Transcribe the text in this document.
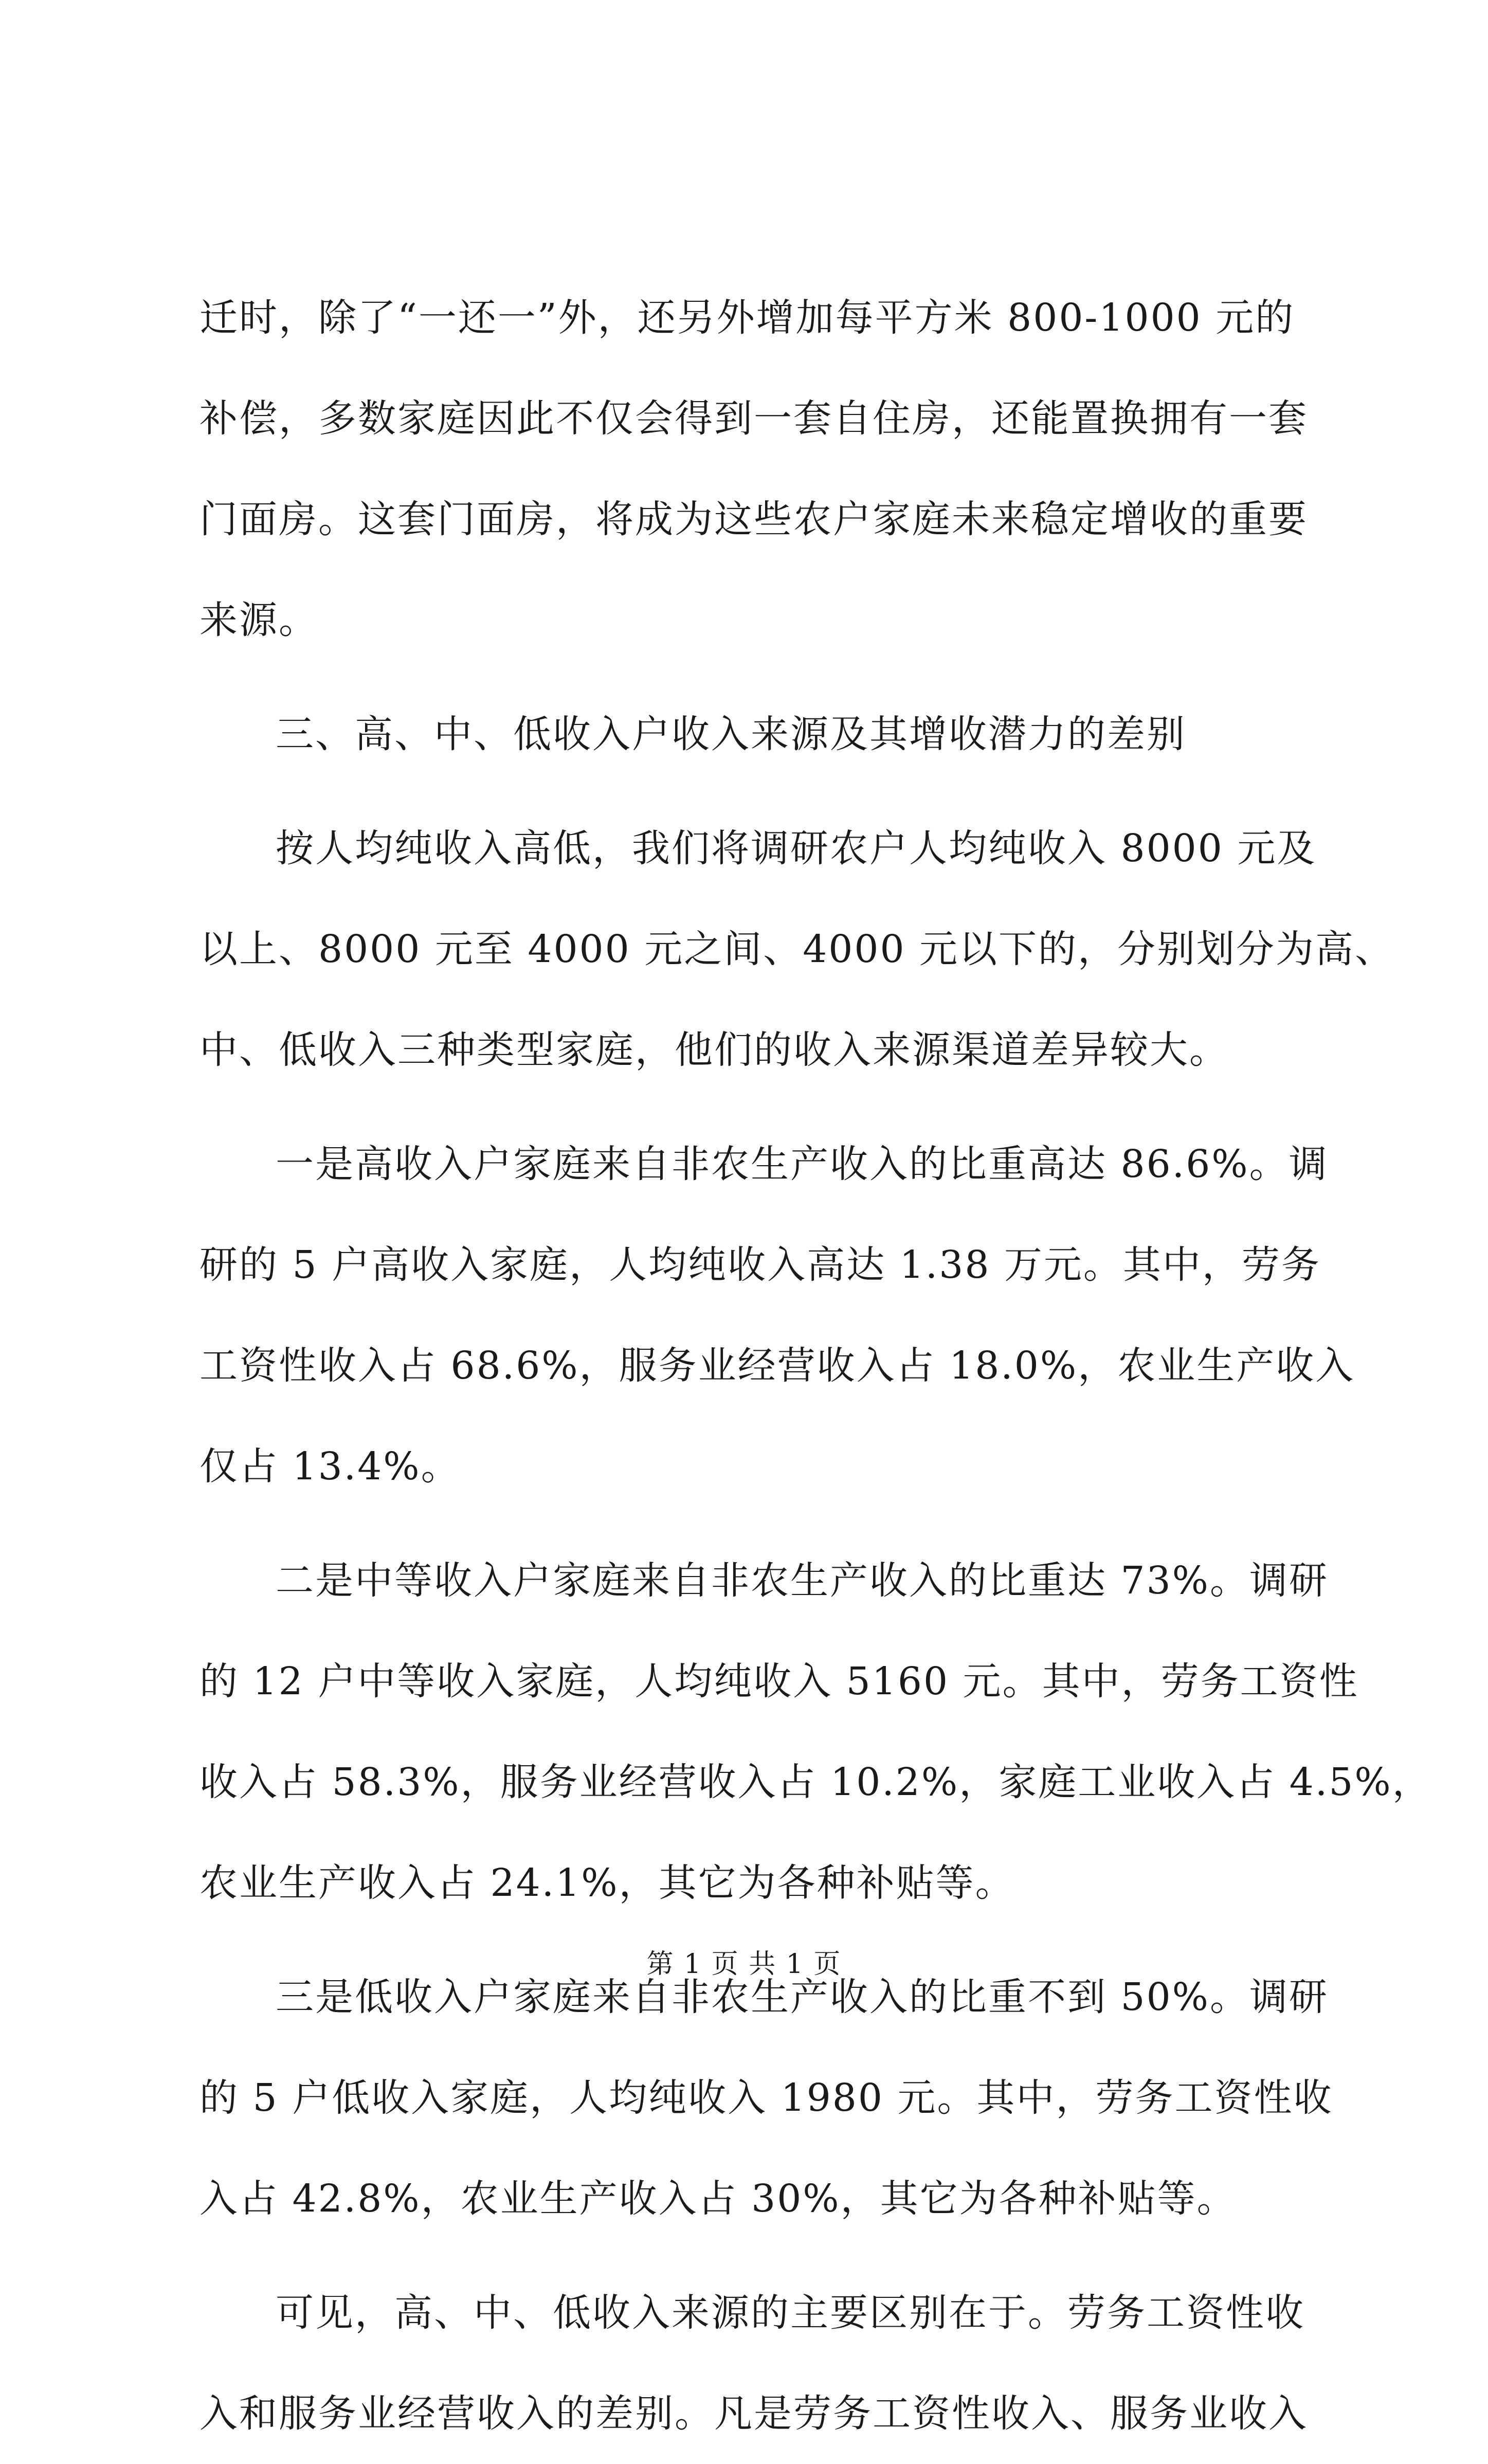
迁时，除了“一还一”外，还另外增加每平方米 800-1000 元的
补偿，多数家庭因此不仅会得到一套自住房，还能置换拥有一套
门面房。这套门面房，将成为这些农户家庭未来稳定增收的重要
来源。
三、高、中、低收入户收入来源及其增收潜力的差别
按人均纯收入高低，我们将调研农户人均纯收入 8000 元及
以上、8000 元至 4000 元之间、4000 元以下的，分别划分为高、
中、低收入三种类型家庭，他们的收入来源渠道差异较大。
一是高收入户家庭来自非农生产收入的比重高达 86.6%。调
研的 5 户高收入家庭，人均纯收入高达 1.38 万元。其中，劳务
工资性收入占 68.6%，服务业经营收入占 18.0%，农业生产收入
仅占 13.4%。
二是中等收入户家庭来自非农生产收入的比重达 73%。调研
的 12 户中等收入家庭，人均纯收入 5160 元。其中，劳务工资性
收入占 58.3%，服务业经营收入占 10.2%，家庭工业收入占 4.5%，
农业生产收入占 24.1%，其它为各种补贴等。
三是低收入户家庭来自非农生产收入的比重不到 50%。调研
的 5 户低收入家庭，人均纯收入 1980 元。其中，劳务工资性收
入占 42.8%，农业生产收入占 30%，其它为各种补贴等。
可见，高、中、低收入来源的主要区别在于。劳务工资性收
入和服务业经营收入的差别。凡是劳务工资性收入、服务业收入
第 1 页 共 1 页
